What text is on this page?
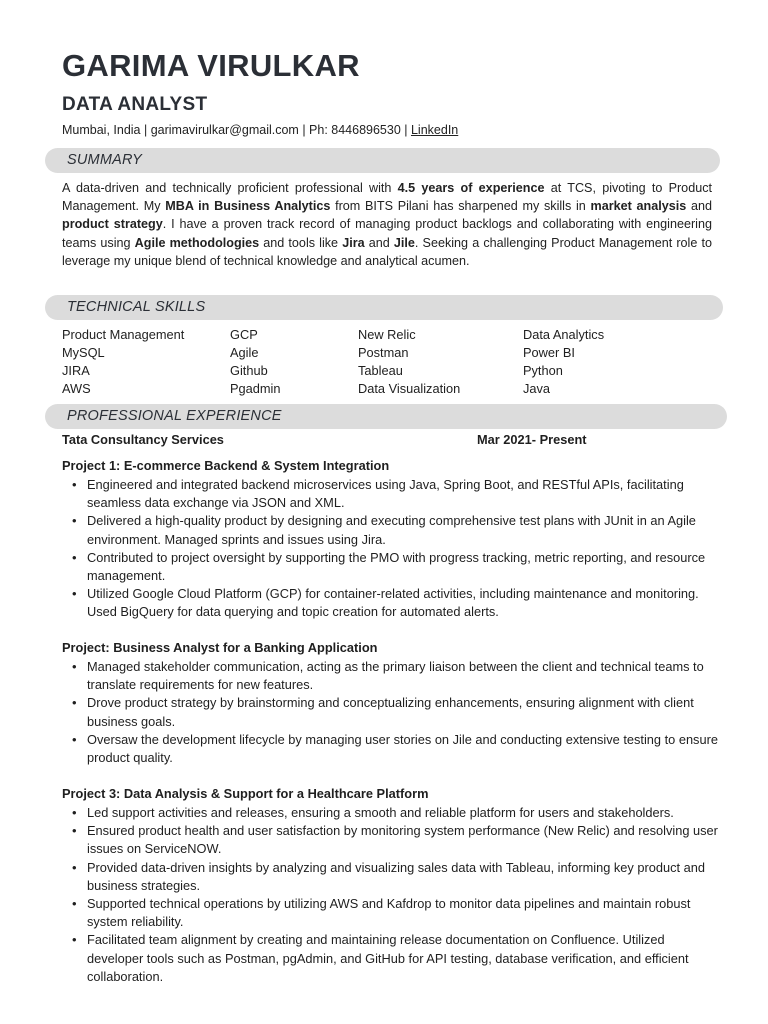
GARIMA VIRULKAR
DATA ANALYST
Mumbai, India | garimavirulkar@gmail.com | Ph: 8446896530 | LinkedIn
SUMMARY
A data-driven and technically proficient professional with 4.5 years of experience at TCS, pivoting to Product Management. My MBA in Business Analytics from BITS Pilani has sharpened my skills in market analysis and product strategy. I have a proven track record of managing product backlogs and collaborating with engineering teams using Agile methodologies and tools like Jira and Jile. Seeking a challenging Product Management role to leverage my unique blend of technical knowledge and analytical acumen.
TECHNICAL SKILLS
Product Management
MySQL
JIRA
AWS
GCP
Agile
Github
Pgadmin
New Relic
Postman
Tableau
Data Visualization
Data Analytics
Power BI
Python
Java
PROFESSIONAL EXPERIENCE
Tata Consultancy Services	Mar 2021- Present
Project 1: E-commerce Backend & System Integration
• Engineered and integrated backend microservices using Java, Spring Boot, and RESTful APIs, facilitating seamless data exchange via JSON and XML.
• Delivered a high-quality product by designing and executing comprehensive test plans with JUnit in an Agile environment. Managed sprints and issues using Jira.
• Contributed to project oversight by supporting the PMO with progress tracking, metric reporting, and resource management.
• Utilized Google Cloud Platform (GCP) for container-related activities, including maintenance and monitoring. Used BigQuery for data querying and topic creation for automated alerts.
Project: Business Analyst for a Banking Application
• Managed stakeholder communication, acting as the primary liaison between the client and technical teams to translate requirements for new features.
• Drove product strategy by brainstorming and conceptualizing enhancements, ensuring alignment with client business goals.
• Oversaw the development lifecycle by managing user stories on Jile and conducting extensive testing to ensure product quality.
Project 3: Data Analysis & Support for a Healthcare Platform
• Led support activities and releases, ensuring a smooth and reliable platform for users and stakeholders.
• Ensured product health and user satisfaction by monitoring system performance (New Relic) and resolving user issues on ServiceNOW.
• Provided data-driven insights by analyzing and visualizing sales data with Tableau, informing key product and business strategies.
• Supported technical operations by utilizing AWS and Kafdrop to monitor data pipelines and maintain robust system reliability.
• Facilitated team alignment by creating and maintaining release documentation on Confluence. Utilized developer tools such as Postman, pgAdmin, and GitHub for API testing, database verification, and efficient collaboration.
